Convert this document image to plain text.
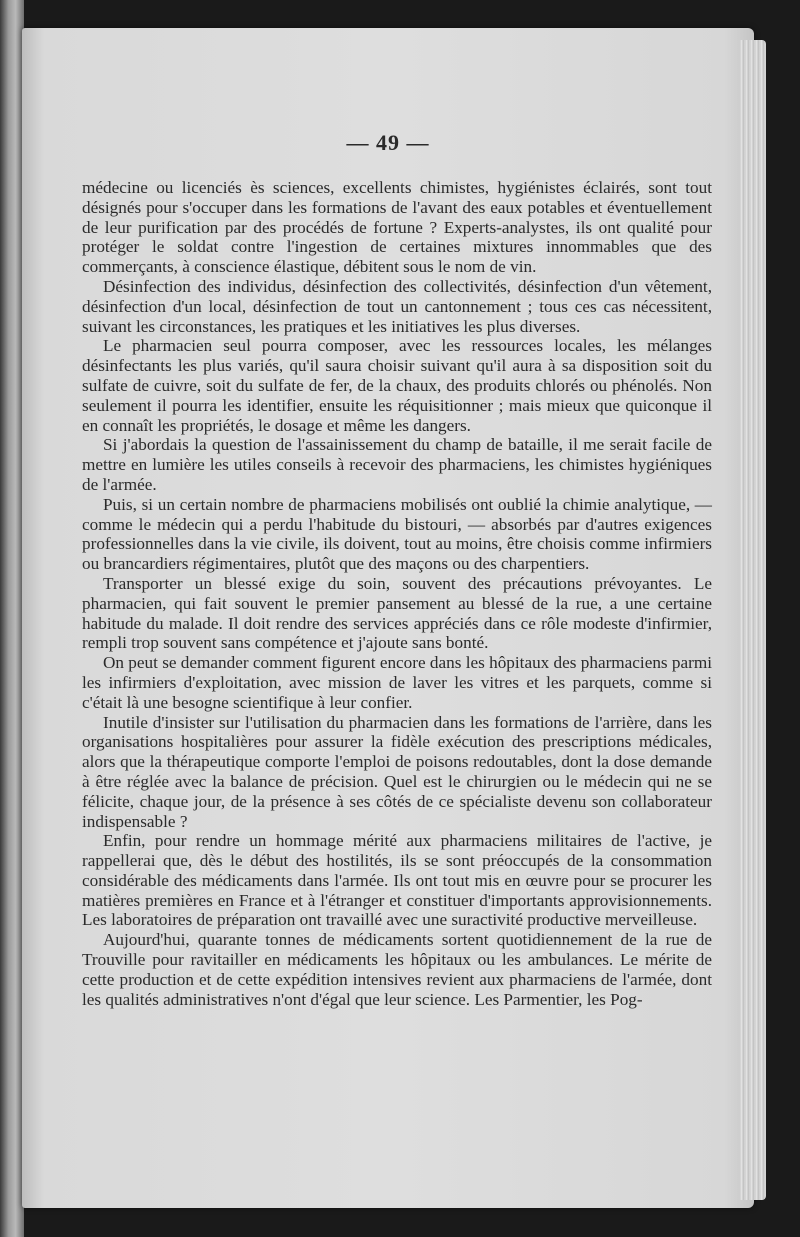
— 49 —

médecine ou licenciés ès sciences, excellents chimistes, hygiénistes éclairés, sont tout désignés pour s'occuper dans les formations de l'avant des eaux potables et éventuellement de leur purification par des procédés de fortune ? Experts-analystes, ils ont qualité pour protéger le soldat contre l'ingestion de certaines mixtures innommables que des commerçants, à conscience élastique, débitent sous le nom de vin.

Désinfection des individus, désinfection des collectivités, désinfection d'un vêtement, désinfection d'un local, désinfection de tout un cantonnement ; tous ces cas nécessitent, suivant les circonstances, les pratiques et les initiatives les plus diverses.

Le pharmacien seul pourra composer, avec les ressources locales, les mélanges désinfectants les plus variés, qu'il saura choisir suivant qu'il aura à sa disposition soit du sulfate de cuivre, soit du sulfate de fer, de la chaux, des produits chlorés ou phénolés. Non seulement il pourra les identifier, ensuite les réquisitionner ; mais mieux que quiconque il en connaît les propriétés, le dosage et même les dangers.

Si j'abordais la question de l'assainissement du champ de bataille, il me serait facile de mettre en lumière les utiles conseils à recevoir des pharmaciens, les chimistes hygiéniques de l'armée.

Puis, si un certain nombre de pharmaciens mobilisés ont oublié la chimie analytique, — comme le médecin qui a perdu l'habitude du bistouri, — absorbés par d'autres exigences professionnelles dans la vie civile, ils doivent, tout au moins, être choisis comme infirmiers ou brancardiers régimentaires, plutôt que des maçons ou des charpentiers.

Transporter un blessé exige du soin, souvent des précautions prévoyantes. Le pharmacien, qui fait souvent le premier pansement au blessé de la rue, a une certaine habitude du malade. Il doit rendre des services appréciés dans ce rôle modeste d'infirmier, rempli trop souvent sans compétence et j'ajoute sans bonté.

On peut se demander comment figurent encore dans les hôpitaux des pharmaciens parmi les infirmiers d'exploitation, avec mission de laver les vitres et les parquets, comme si c'était là une besogne scientifique à leur confier.

Inutile d'insister sur l'utilisation du pharmacien dans les formations de l'arrière, dans les organisations hospitalières pour assurer la fidèle exécution des prescriptions médicales, alors que la thérapeutique comporte l'emploi de poisons redoutables, dont la dose demande à être réglée avec la balance de précision. Quel est le chirurgien ou le médecin qui ne se félicite, chaque jour, de la présence à ses côtés de ce spécialiste devenu son collaborateur indispensable ?

Enfin, pour rendre un hommage mérité aux pharmaciens militaires de l'active, je rappellerai que, dès le début des hostilités, ils se sont préoccupés de la consommation considérable des médicaments dans l'armée. Ils ont tout mis en œuvre pour se procurer les matières premières en France et à l'étranger et constituer d'importants approvisionnements. Les laboratoires de préparation ont travaillé avec une suractivité productive merveilleuse.

Aujourd'hui, quarante tonnes de médicaments sortent quotidiennement de la rue de Trouville pour ravitailler en médicaments les hôpitaux ou les ambulances. Le mérite de cette production et de cette expédition intensives revient aux pharmaciens de l'armée, dont les qualités administratives n'ont d'égal que leur science. Les Parmentier, les Pog-
